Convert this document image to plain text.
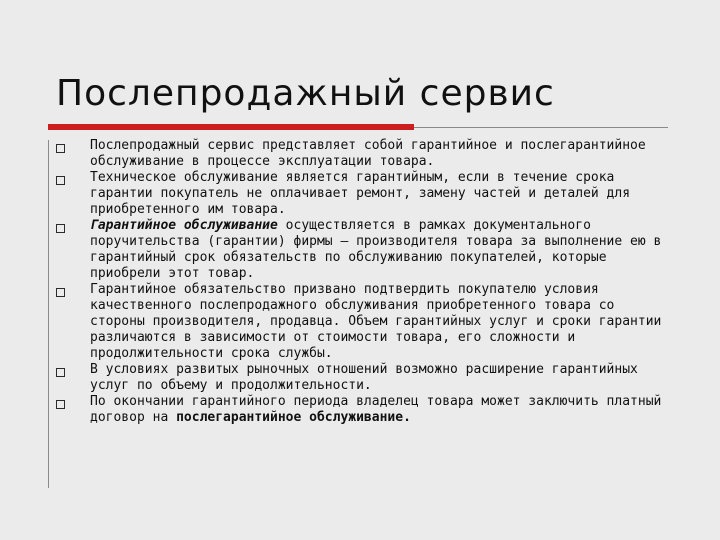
Послепродажный сервис
Послепродажный сервис представляет собой гарантийное и послегарантийное обслуживание в процессе эксплуатации товара.
Техническое обслуживание является гарантийным, если в течение срока гарантии покупатель не оплачивает ремонт, замену частей и деталей для приобретенного им товара.
Гарантийное обслуживание осуществляется в рамках документального поручительства (гарантии) фирмы — производителя товара за выполнение ею в гарантийный срок обязательств по обслуживанию покупателей, которые приобрели этот товар.
Гарантийное обязательство призвано подтвердить покупателю условия качественного послепродажного обслуживания приобретенного товара со стороны производителя, продавца. Объем гарантийных услуг и сроки гарантии различаются в зависимости от стоимости товара, его сложности и продолжительности срока службы.
В условиях развитых рыночных отношений возможно расширение гарантийных услуг по объему и продолжительности.
По окончании гарантийного периода владелец товара может заключить платный договор на послегарантийное обслуживание.
